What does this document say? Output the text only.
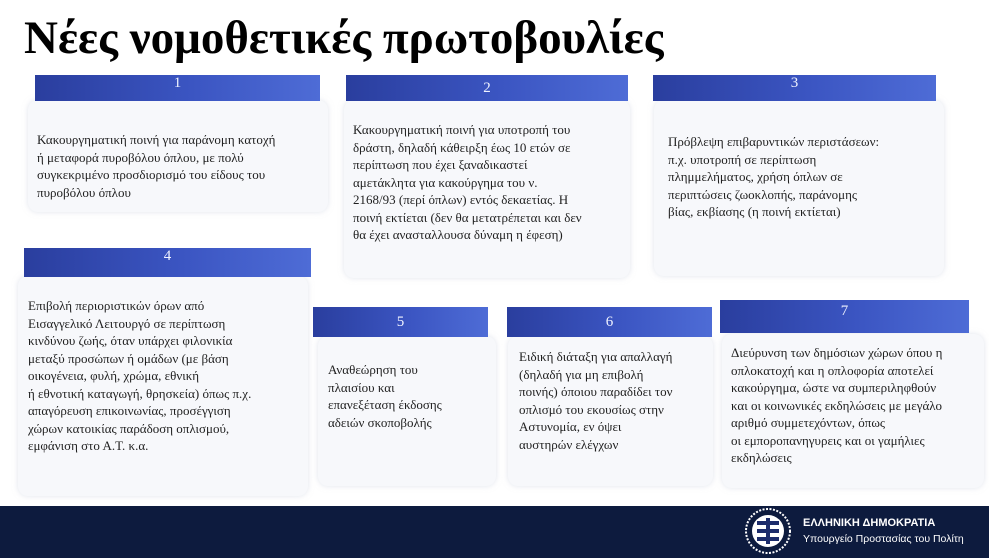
Νέες νομοθετικές πρωτοβουλίες
1
Κακουργηματική ποινή για παράνομη κατοχή
ή μεταφορά πυροβόλου όπλου, με πολύ
συγκεκριμένο προσδιορισμό του είδους του
πυροβόλου όπλου
2
Κακουργηματική ποινή για υποτροπή του
δράστη, δηλαδή κάθειρξη έως 10 ετών σε
περίπτωση που έχει ξαναδικαστεί
αμετάκλητα για κακούργημα του ν.
2168/93 (περί όπλων) εντός δεκαετίας. Η
ποινή εκτίεται (δεν θα μετατρέπεται και δεν
θα έχει ανασταλλουσα δύναμη η έφεση)
3
Πρόβλεψη επιβαρυντικών περιστάσεων:
π.χ. υποτροπή σε περίπτωση
πλημμελήματος, χρήση όπλων σε
περιπτώσεις ζωοκλοπής, παράνομης
βίας, εκβίασης (η ποινή εκτίεται)
4
Επιβολή περιοριστικών όρων από
Εισαγγελικό Λειτουργό σε περίπτωση
κινδύνου ζωής, όταν υπάρχει φιλονικία
μεταξύ προσώπων ή ομάδων (με βάση
οικογένεια, φυλή, χρώμα, εθνική
ή εθνοτική καταγωγή, θρησκεία) όπως π.χ.
απαγόρευση επικοινωνίας, προσέγγιση
χώρων κατοικίας παράδοση οπλισμού,
εμφάνιση στο Α.Τ. κ.α.
5
Αναθεώρηση του
πλαισίου και
επανεξέταση έκδοσης
αδειών σκοποβολής
6
Ειδική διάταξη για απαλλαγή
(δηλαδή για μη επιβολή
ποινής) όποιου παραδίδει τον
οπλισμό του εκουσίως στην
Αστυνομία, εν όψει
αυστηρών ελέγχων
7
Διεύρυνση των δημόσιων χώρων όπου η
οπλοκατοχή και η οπλοφορία αποτελεί
κακούργημα, ώστε να συμπεριληφθούν
και οι κοινωνικές εκδηλώσεις με μεγάλο
αριθμό συμμετεχόντων, όπως
οι εμποροπανηγυρεις και οι γαμήλιες
εκδηλώσεις
ΕΛΛΗΝΙΚΗ ΔΗΜΟΚΡΑΤΙΑ
Υπουργείο Προστασίας του Πολίτη
